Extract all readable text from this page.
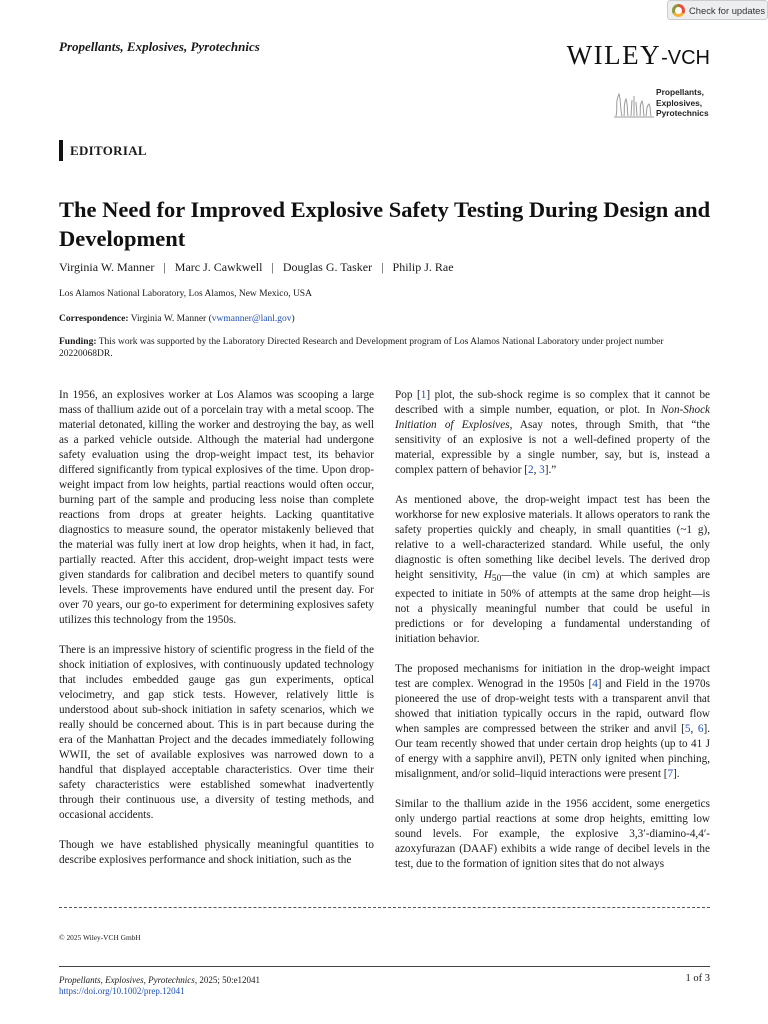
Check for updates
Propellants, Explosives, Pyrotechnics	WILEY-VCH
Propellants,
Explosives,
Pyrotechnics
EDITORIAL
The Need for Improved Explosive Safety Testing During Design and Development
Virginia W. Manner | Marc J. Cawkwell | Douglas G. Tasker | Philip J. Rae
Los Alamos National Laboratory, Los Alamos, New Mexico, USA
Correspondence: Virginia W. Manner (vwmanner@lanl.gov)
Funding: This work was supported by the Laboratory Directed Research and Development program of Los Alamos National Laboratory under project number 20220068DR.

In 1956, an explosives worker at Los Alamos was scooping a large mass of thallium azide out of a porcelain tray with a metal scoop. The material detonated, killing the worker and destroying the bay, as well as a parked vehicle outside. Although the material had undergone safety evaluation using the drop-weight impact test, its behavior differed significantly from typical explosives of the time. Upon drop-weight impact from low heights, partial reactions would often occur, burning part of the sample and producing less noise than complete reactions from drops at greater heights. Lacking quantitative diagnostics to measure sound, the operator mistakenly believed that the material was fully inert at low drop heights, when it had, in fact, partially reacted. After this accident, drop-weight impact tests were given standards for calibration and decibel meters to quantify sound levels. These improvements have endured until the present day. For over 70 years, our go-to experiment for determining explosives safety utilizes this technology from the 1950s.

There is an impressive history of scientific progress in the field of the shock initiation of explosives, with continuously updated technology that includes embedded gauge gas gun experiments, optical velocimetry, and gap stick tests. However, relatively little is understood about sub-shock initiation in safety scenarios, which we really should be concerned about. This is in part because during the era of the Manhattan Project and the decades immediately following WWII, the set of available explosives was narrowed down to a handful that displayed acceptable characteristics. Over time their safety characteristics were established somewhat inadvertently through their continuous use, a diversity of testing methods, and occasional accidents.

Though we have established physically meaningful quantities to describe explosives performance and shock initiation, such as the

Pop [1] plot, the sub-shock regime is so complex that it cannot be described with a simple number, equation, or plot. In Non-Shock Initiation of Explosives, Asay notes, through Smith, that “the sensitivity of an explosive is not a well-defined property of the material, expressible by a single number, say, but is, instead a complex pattern of behavior [2, 3].”

As mentioned above, the drop-weight impact test has been the workhorse for new explosive materials. It allows operators to rank the safety properties quickly and cheaply, in small quantities (~1 g), relative to a well-characterized standard. While useful, the only diagnostic is often something like decibel levels. The derived drop height sensitivity, $H_{50}—the$ value (in cm) at which samples are expected to initiate in 50% of attempts at the same drop height—is not a physically meaningful number that could be useful in predictions or for developing a fundamental understanding of initiation behavior.

The proposed mechanisms for initiation in the drop-weight impact test are complex. Wenograd in the 1950s [4] and Field in the 1970s pioneered the use of drop-weight tests with a transparent anvil that showed that initiation typically occurs in the rapid, outward flow when samples are compressed between the striker and anvil [5, 6]. Our team recently showed that under certain drop heights (up to 41 J of energy with a sapphire anvil), PETN only ignited when pinching, misalignment, and/or solid–liquid interactions were present [7].

Similar to the thallium azide in the 1956 accident, some energetics only undergo partial reactions at some drop heights, emitting low sound levels. For example, the explosive 3,3′-diamino-4,4′-azoxyfurazan (DAAF) exhibits a wide range of decibel levels in the test, due to the formation of ignition sites that do not always

© 2025 Wiley-VCH GmbH
Propellants, Explosives, Pyrotechnics, 2025; 50:e12041
https://doi.org/10.1002/prep.12041
1 of 3
